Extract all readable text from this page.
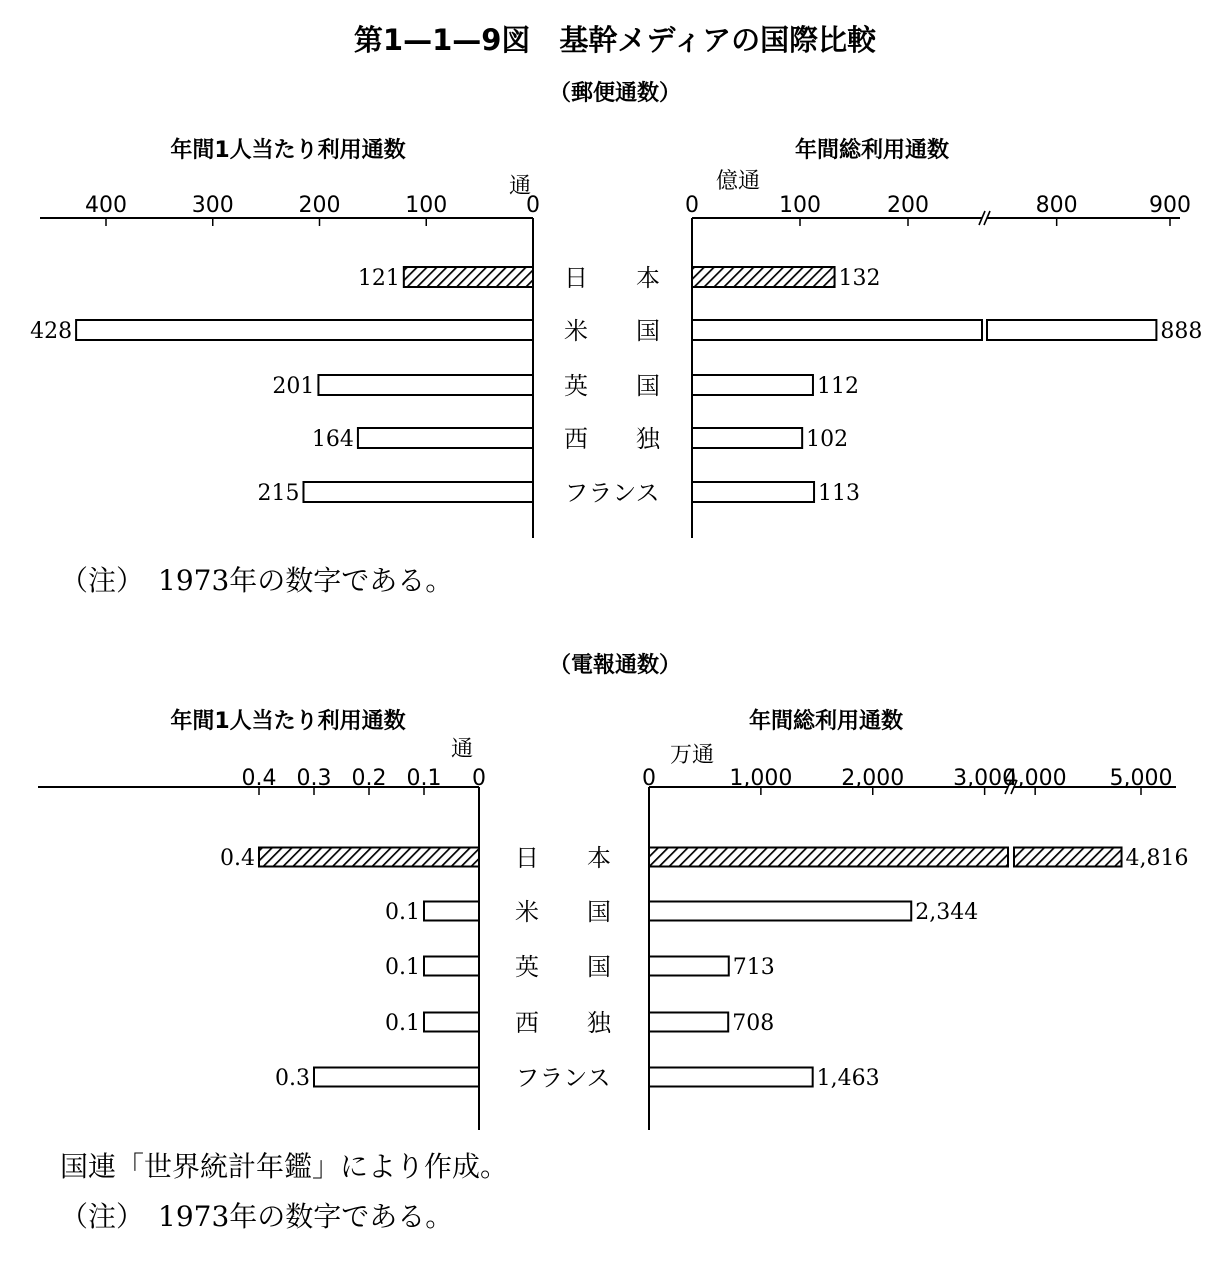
第1—1—9図　基幹メディアの国際比較
（郵便通数）
年間1人当たり利用通数	年間総利用通数
通	億通
400	300	200	100	0	0	100	200	800	900
日　　本
121	132
米　　国
428	888
英　　国
201	112
西　　独
164	102
フランス
215	113
（注）　1973年の数字である。
（電報通数）
年間1人当たり利用通数	年間総利用通数
通	万通
0.4 0.3 0.2 0.1 0	0	1,000 2,000 3,000
4,000 5,000
日　　本
0.4	4,816
米　　国
0.1	2,344
英　　国
0.1	713
西　　独
0.1	708
フランス
0.3	1,463
国連「世界統計年鑑」により作成。
（注）　1973年の数字である。
